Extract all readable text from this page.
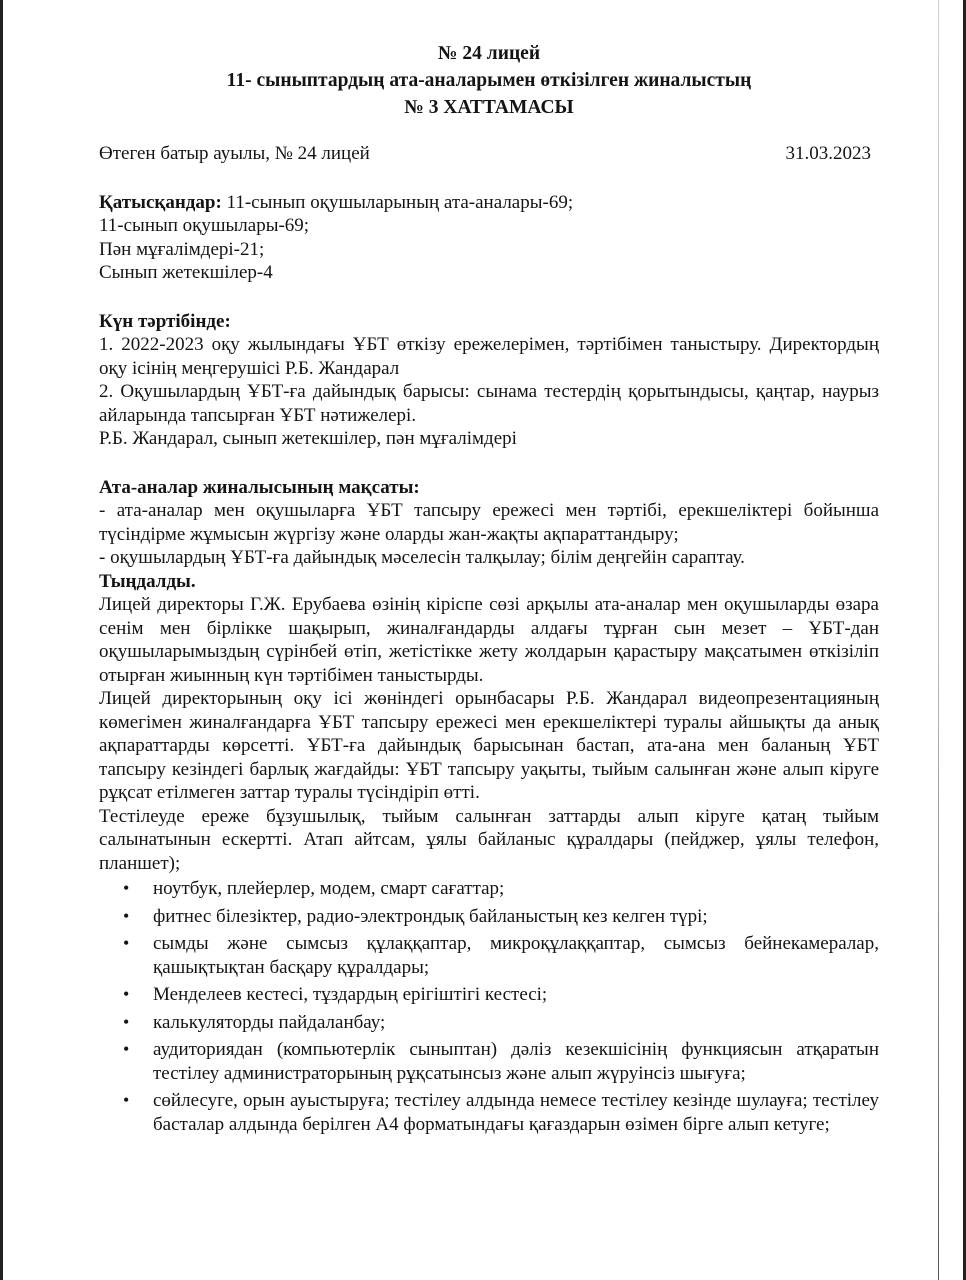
№ 24 лицей
11- сыныптардың ата-аналарымен өткізілген жиналыстың
№ 3 ХАТТАМАСЫ
Өтеген батыр ауылы, № 24 лицей	31.03.2023
Қатысқандар: 11-сынып оқушыларының ата-аналары-69;
11-сынып оқушылары-69;
Пән мұғалімдері-21;
Сынып жетекшілер-4
Күн тәртібінде:
1. 2022-2023 оқу жылындағы ҰБТ өткізу ережелерімен, тәртібімен таныстыру. Директордың оқу ісінің меңгерушісі Р.Б. Жандарал
2. Оқушылардың ҰБТ-ға дайындық барысы: сынама тестердің қорытындысы, қаңтар, наурыз айларында тапсырған ҰБТ нәтижелері.
Р.Б. Жандарал, сынып жетекшілер, пән мұғалімдері
Ата-аналар жиналысының мақсаты:
- ата-аналар мен оқушыларға ҰБТ тапсыру ережесі мен тәртібі, ерекшеліктері бойынша түсіндірме жұмысын жүргізу және оларды жан-жақты ақпараттандыру;
- оқушылардың ҰБТ-ға дайындық мәселесін талқылау; білім деңгейін сараптау.
Тыңдалды.
Лицей директоры Г.Ж. Ерубаева өзінің кіріспе сөзі арқылы ата-аналар мен оқушыларды өзара сенім мен бірлікке шақырып, жиналғандарды алдағы тұрған сын мезет – ҰБТ-дан оқушыларымыздың сүрінбей өтіп, жетістікке жету жолдарын қарастыру мақсатымен өткізіліп отырған жиынның күн тәртібімен таныстырды.
Лицей директорының оқу ісі жөніндегі орынбасары Р.Б. Жандарал видеопрезентацияның көмегімен жиналғандарға ҰБТ тапсыру ережесі мен ерекшеліктері туралы айшықты да анық ақпараттарды көрсетті. ҰБТ-ға дайындық барысынан бастап, ата-ана мен баланың ҰБТ тапсыру кезіндегі барлық жағдайды: ҰБТ тапсыру уақыты, тыйым салынған және алып кіруге рұқсат етілмеген заттар туралы түсіндіріп өтті.
Тестілеуде ереже бұзушылық, тыйым салынған заттарды алып кіруге қатаң тыйым салынатынын ескертті. Атап айтсам, ұялы байланыс құралдары (пейджер, ұялы телефон, планшет);
• ноутбук, плейерлер, модем, смарт сағаттар;
• фитнес білезіктер, радио-электрондық байланыстың кез келген түрі;
• сымды және сымсыз құлаққаптар, микроқұлаққаптар, сымсыз бейнекамералар, қашықтықтан басқару құралдары;
• Менделеев кестесі, тұздардың ерігіштігі кестесі;
• калькуляторды пайдаланбау;
• аудиториядан (компьютерлік сыныптан) дәліз кезекшісінің функциясын атқаратын тестілеу администраторының рұқсатынсыз және алып жүруінсіз шығуға;
• сөйлесуге, орын ауыстыруға; тестілеу алдында немесе тестілеу кезінде шулауға; тестілеу басталар алдында берілген А4 форматындағы қағаздарын өзімен бірге алып кетуге;
